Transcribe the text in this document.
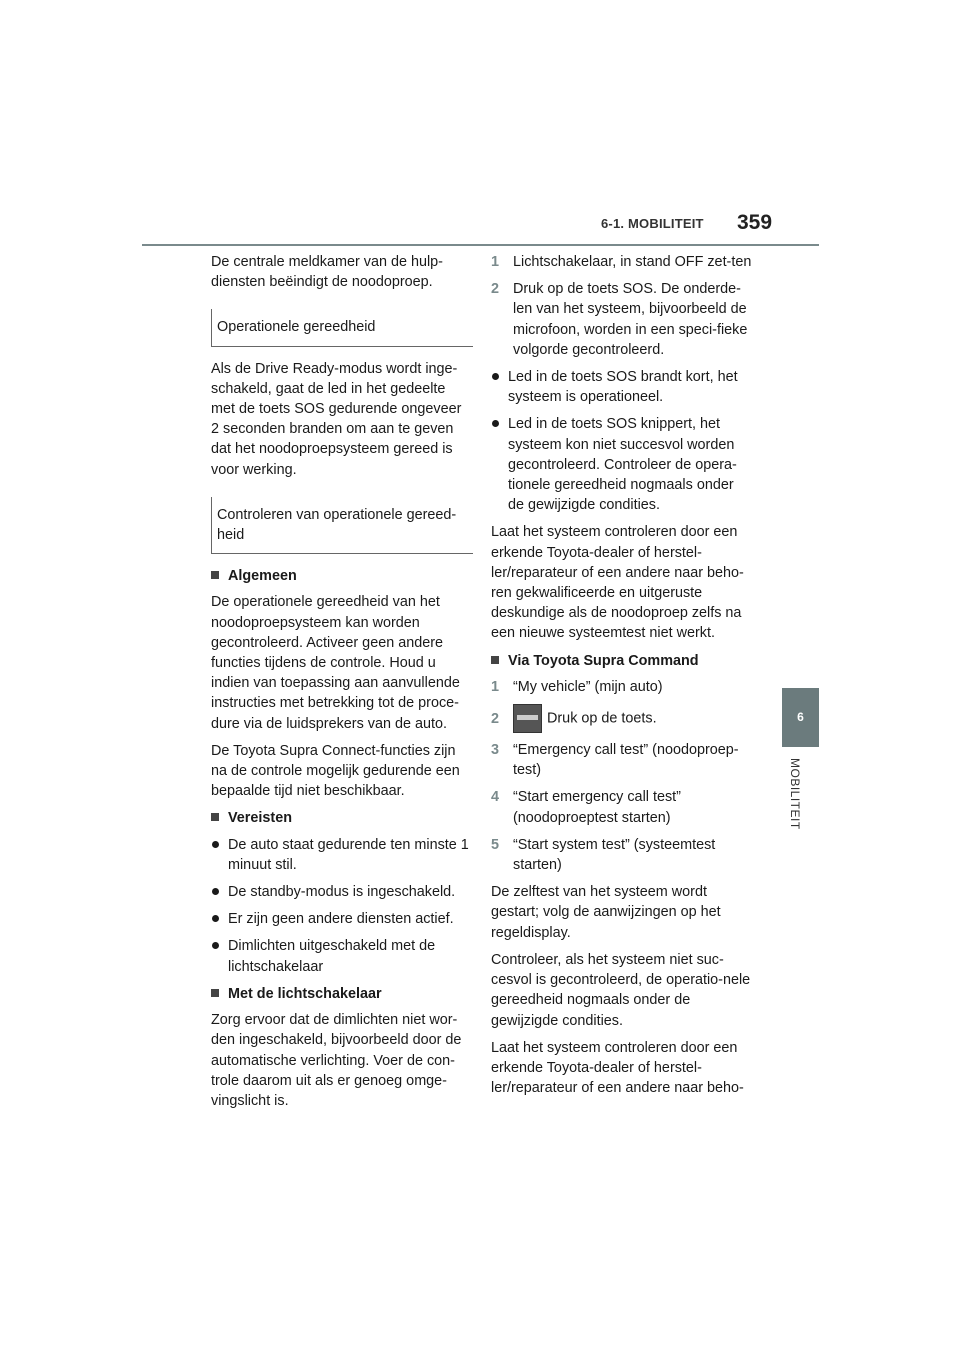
6-1. MOBILITEIT 359
6
MOBILITEIT

De centrale meldkamer van de hulp-diensten beëindigt de noodoproep.

Operationele gereedheid

Als de Drive Ready-modus wordt inge-schakeld, gaat de led in het gedeelte met de toets SOS gedurende ongeveer 2 seconden branden om aan te geven dat het noodoproepsysteem gereed is voor werking.

Controleren van operationele gereed-heid
Algemeen

De operationele gereedheid van het noodoproepsysteem kan worden gecontroleerd. Activeer geen andere functies tijdens de controle. Houd u indien van toepassing aan aanvullende instructies met betrekking tot de proce-dure via de luidsprekers van de auto.

De Toyota Supra Connect-functies zijn na de controle mogelijk gedurende een bepaalde tijd niet beschikbaar.

Vereisten
De auto staat gedurende ten minste 1 minuut stil.
De standby-modus is ingeschakeld.
Er zijn geen andere diensten actief.
Dimlichten uitgeschakeld met de lichtschakelaar
Met de lichtschakelaar

Zorg ervoor dat de dimlichten niet wor-den ingeschakeld, bijvoorbeeld door de automatische verlichting. Voer de con-trole daarom uit als er genoeg omge-vingslicht is.

1 Lichtschakelaar, in stand OFF zet-ten
2 Druk op de toets SOS. De onderde-len van het systeem, bijvoorbeeld de microfoon, worden in een speci-fieke volgorde gecontroleerd.
Led in de toets SOS brandt kort, het systeem is operationeel.
Led in de toets SOS knippert, het systeem kon niet succesvol worden gecontroleerd. Controleer de opera-tionele gereedheid nogmaals onder de gewijzigde condities.

Laat het systeem controleren door een erkende Toyota-dealer of herstel-ler/reparateur of een andere naar beho-ren gekwalificeerde en uitgeruste deskundige als de noodoproep zelfs na een nieuwe systeemtest niet werkt.

Via Toyota Supra Command
1 “My vehicle” (mijn auto)
2	Druk op de toets.
3 “Emergency call test” (noodoproep-test)
4 “Start emergency call test” (noodoproeptest starten)
5 “Start system test” (systeemtest starten)

De zelftest van het systeem wordt gestart; volg de aanwijzingen op het regeldisplay.

Controleer, als het systeem niet suc-cesvol is gecontroleerd, de operatio-nele gereedheid nogmaals onder de gewijzigde condities.

Laat het systeem controleren door een erkende Toyota-dealer of herstel-ler/reparateur of een andere naar beho-
